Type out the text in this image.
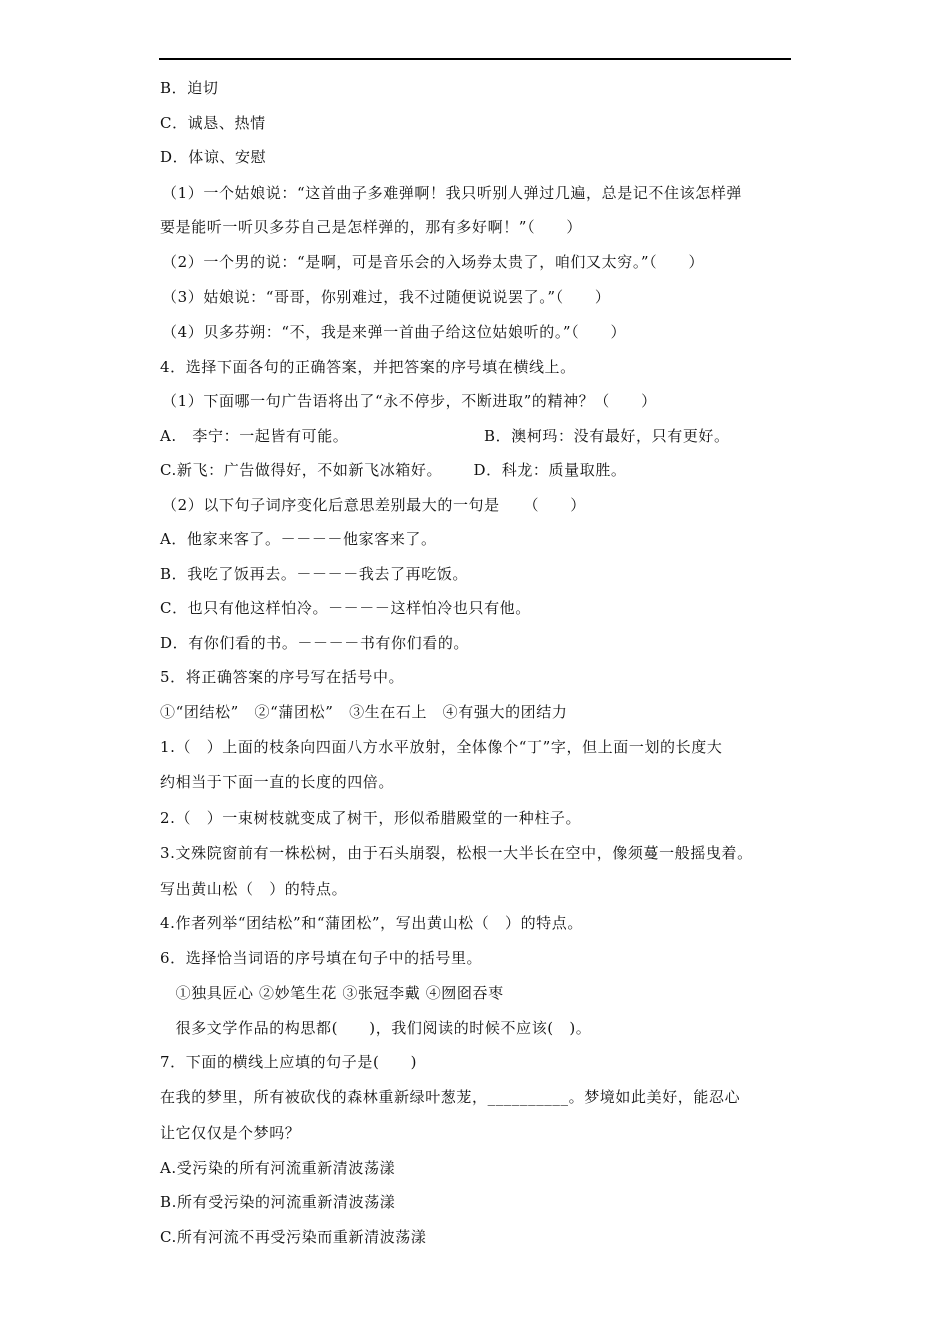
B．迫切
C．诚恳、热情
D．体谅、安慰
（1）一个姑娘说：“这首曲子多难弹啊！我只听别人弹过几遍，总是记不住该怎样弹
要是能听一听贝多芬自己是怎样弹的，那有多好啊！”（　　）
（2）一个男的说：“是啊，可是音乐会的入场券太贵了，咱们又太穷。”（　　）
（3）姑娘说：“哥哥，你别难过，我不过随便说说罢了。”（　　）
（4）贝多芬朔：“不，我是来弹一首曲子给这位姑娘听的。”（　　）
4．选择下面各句的正确答案，并把答案的序号填在横线上。
（1）下面哪一句广告语将出了“永不停步，不断进取”的精神？（　　）
A.　李宁：一起皆有可能。	B．澳柯玛：没有最好，只有更好。
C.新飞：广告做得好，不如新飞冰箱好。 D．科龙：质量取胜。
（2）以下句子词序变化后意思差别最大的一句是　　（　　）
A．他家来客了。－－－－他家客来了。
B．我吃了饭再去。－－－－我去了再吃饭。
C．也只有他这样怕冷。－－－－这样怕冷也只有他。
D．有你们看的书。－－－－书有你们看的。
5．将正确答案的序号写在括号中。
①“团结松”　②“蒲团松”　③生在石上　④有强大的团结力
1.（　）上面的枝条向四面八方水平放射，全体像个“丁”字，但上面一划的长度大
约相当于下面一直的长度的四倍。
2.（　）一束树枝就变成了树干，形似希腊殿堂的一种柱子。
3.文殊院窗前有一株松树，由于石头崩裂，松根一大半长在空中，像须蔓一般摇曳着。
写出黄山松（　）的特点。
4.作者列举“团结松”和“蒲团松”，写出黄山松（　）的特点。
6．选择恰当词语的序号填在句子中的括号里。
　①独具匠心 ②妙笔生花 ③张冠李戴 ④囫囵吞枣
　很多文学作品的构思都(　　)，我们阅读的时候不应该(　)。
7．下面的横线上应填的句子是(　　)
在我的梦里，所有被砍伐的森林重新绿叶葱茏，__________。梦境如此美好，能忍心
让它仅仅是个梦吗？
A.受污染的所有河流重新清波荡漾
B.所有受污染的河流重新清波荡漾
C.所有河流不再受污染而重新清波荡漾
